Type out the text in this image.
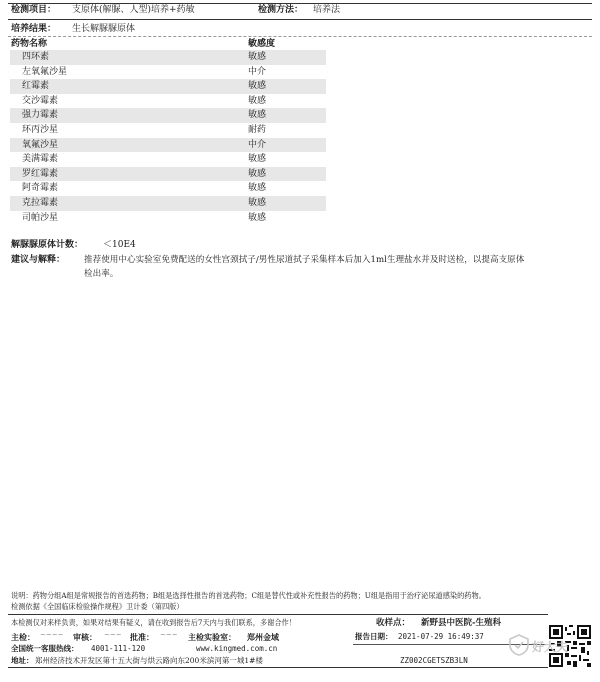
检测项目： 支原体(解脲、人型)培养+药敏	检测方法： 培养法
培养结果： 生长解脲脲原体
药物名称	敏感度
四环素	敏感
左氧氟沙星	中介
红霉素	敏感
交沙霉素	敏感
强力霉素	敏感
环丙沙星	耐药
氧氟沙星	中介
美满霉素	敏感
罗红霉素	敏感
阿奇霉素	敏感
克拉霉素	敏感
司帕沙星	敏感
解脲脲原体计数： ＜10E4
建议与解释： 推荐使用中心实验室免费配送的女性宫颈拭子/男性尿道拭子采集样本后加入1ml生理盐水并及时送检，以提高支原体
检出率。
说明：药物分组A组是常规报告的首选药物；B组是选择性报告的首选药物；C组是替代性或补充性报告的药物；U组是指用于治疗泌尿道感染的药物。
检测依据《全国临床检验操作规程》卫计委（第四版）
本检测仅对来样负责，如果对结果有疑义，请在收到报告后7天内与我们联系，多谢合作！	收样点： 新野县中医院-生殖科
主检： ~~~~ 审核： ~~~ 批准： ~~~ 主检实验室： 郑州金域	报告日期： 2021-07-29 16:49:37
全国统一客服热线： 4001-111-120	www.kingmed.com.cn
地址： 郑州经济技术开发区第十五大街与烘云路向东200米滨河第一城1#楼	ZZ002CGETSZB3LN
好大夫
